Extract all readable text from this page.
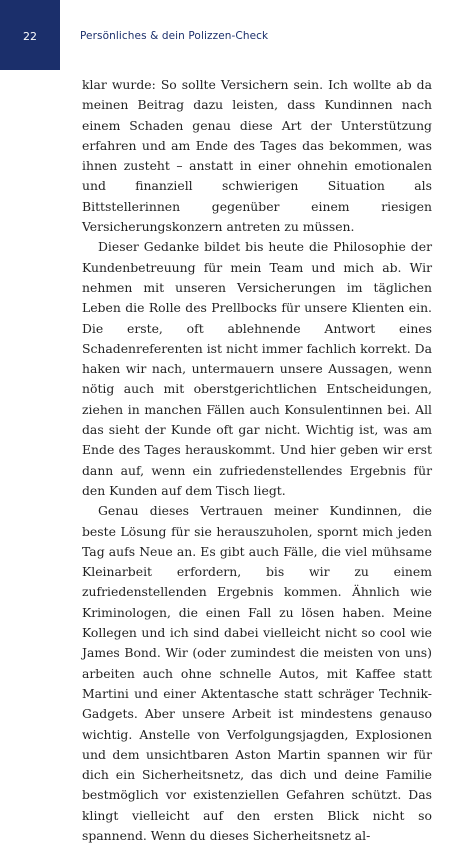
22	Persönliches & dein Polizzen-Check

klar wurde: So sollte Versichern sein. Ich wollte ab da meinen Beitrag dazu leisten, dass Kundinnen nach einem Schaden genau diese Art der Unterstützung erfahren und am Ende des Tages das bekommen, was ihnen zusteht – anstatt in einer ohnehin emotionalen und finanziell schwierigen Situation als Bittstellerinnen gegenüber einem riesigen Versicherungskonzern antreten zu müssen.

Dieser Gedanke bildet bis heute die Philosophie der Kundenbetreuung für mein Team und mich ab. Wir nehmen mit unseren Versicherungen im täglichen Leben die Rolle des Prellbocks für unsere Klienten ein. Die erste, oft ablehnende Antwort eines Schadenreferenten ist nicht immer fachlich korrekt. Da haken wir nach, untermauern unsere Aussagen, wenn nötig auch mit oberstgerichtlichen Entscheidungen, ziehen in manchen Fällen auch Konsulentinnen bei. All das sieht der Kunde oft gar nicht. Wichtig ist, was am Ende des Tages herauskommt. Und hier geben wir erst dann auf, wenn ein zufriedenstellendes Ergebnis für den Kunden auf dem Tisch liegt.

Genau dieses Vertrauen meiner Kundinnen, die beste Lösung für sie herauszuholen, spornt mich jeden Tag aufs Neue an. Es gibt auch Fälle, die viel mühsame Kleinarbeit erfordern, bis wir zu einem zufriedenstellenden Ergebnis kommen. Ähnlich wie Kriminologen, die einen Fall zu lösen haben. Meine Kollegen und ich sind dabei vielleicht nicht so cool wie James Bond. Wir (oder zumindest die meisten von uns) arbeiten auch ohne schnelle Autos, mit Kaffee statt Martini und einer Aktentasche statt schräger Technik-Gadgets. Aber unsere Arbeit ist mindestens genauso wichtig. Anstelle von Verfolgungsjagden, Explosionen und dem unsichtbaren Aston Martin spannen wir für dich ein Sicherheitsnetz, das dich und deine Familie bestmöglich vor existenziellen Gefahren schützt. Das klingt vielleicht auf den ersten Blick nicht so spannend. Wenn du dieses Sicherheitsnetz al-
